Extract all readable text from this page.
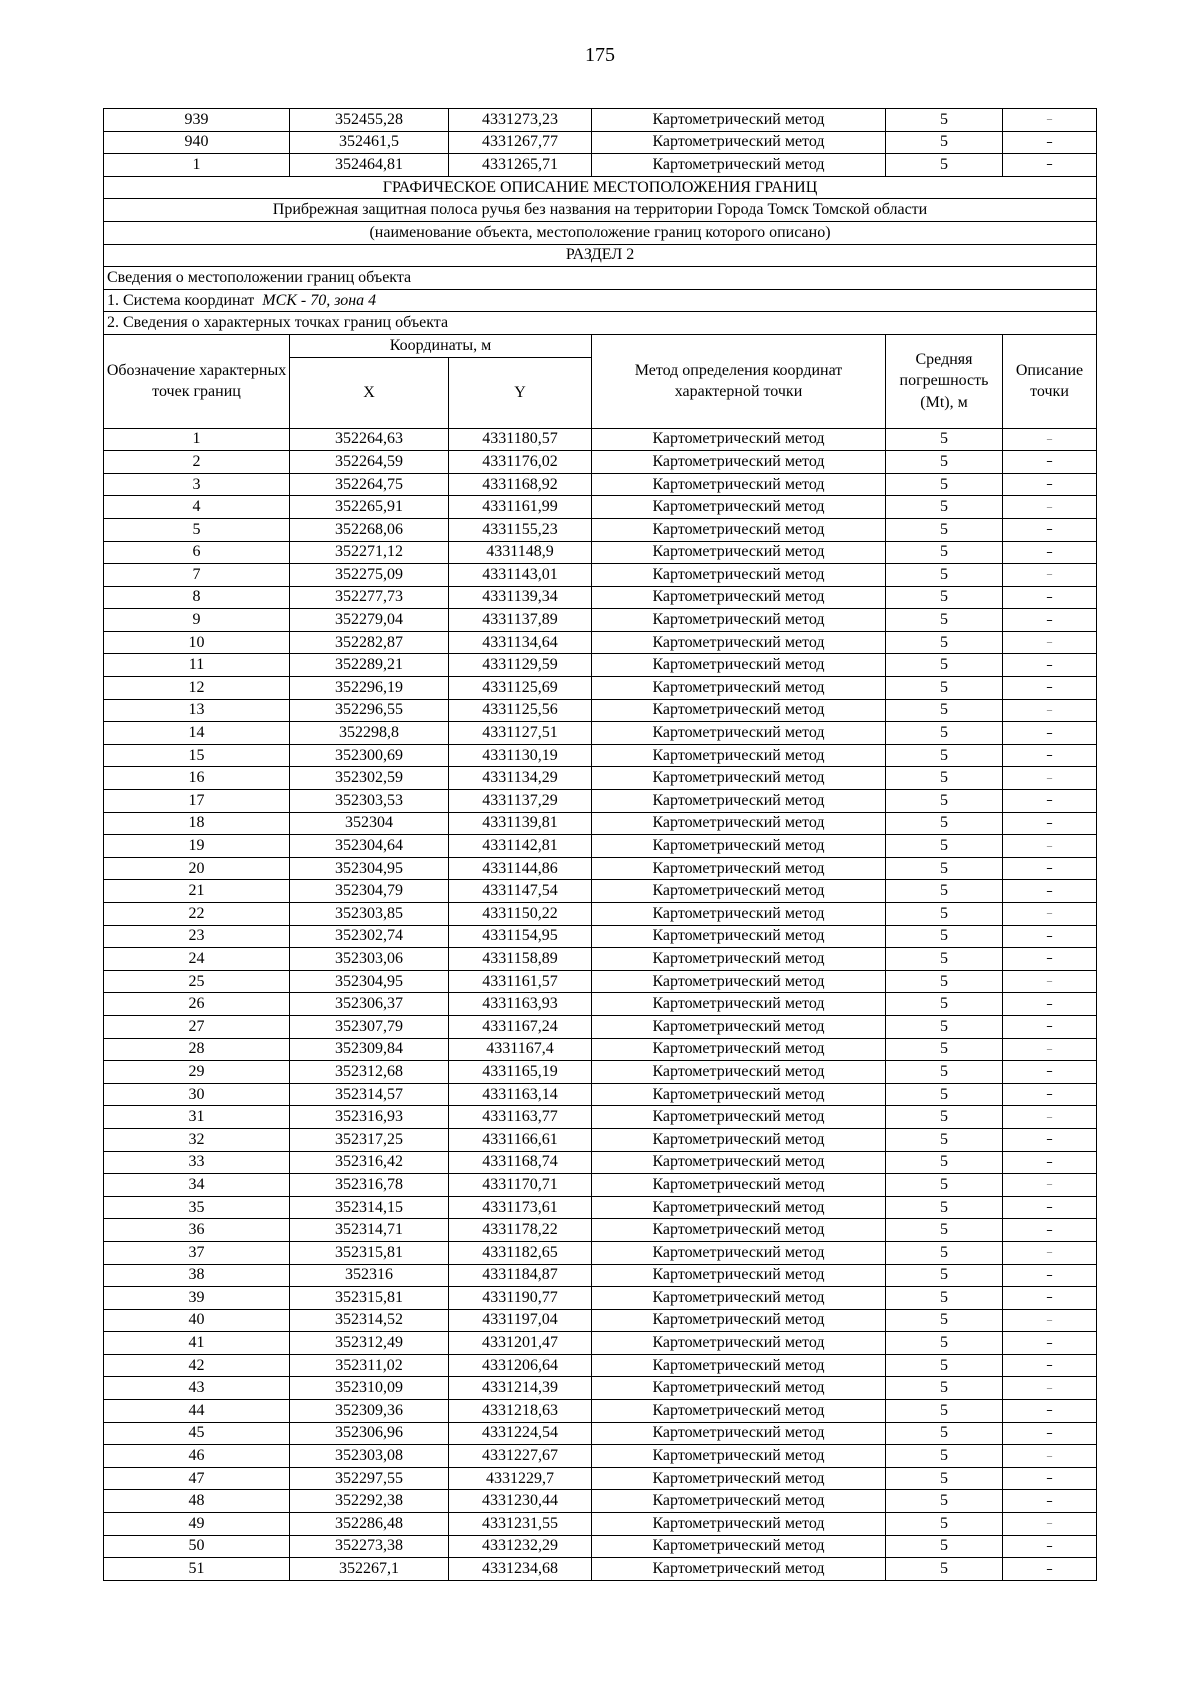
175
939	352455,28	4331273,23	Картометрический метод	5	–
940	352461,5	4331267,77	Картометрический метод	5	–
1	352464,81	4331265,71	Картометрический метод	5	–
ГРАФИЧЕСКОЕ ОПИСАНИЕ МЕСТОПОЛОЖЕНИЯ ГРАНИЦ					
Прибрежная защитная полоса ручья без названия на территории Города Томск Томской области					
(наименование объекта, местоположение границ которого описано)					
РАЗДЕЛ 2					
Сведения о местоположении границ объекта					
1. Система координат МСК - 70, зона 4					
2. Сведения о характерных точках границ объекта					
Обозначение характерных точек границ	Координаты, м		Метод определения координат характерной точки	Средняя погрешность (Mt), м	Описание точки
	X	Y			
1	352264,63	4331180,57	Картометрический метод	5	–
2	352264,59	4331176,02	Картометрический метод	5	–
3	352264,75	4331168,92	Картометрический метод	5	–
4	352265,91	4331161,99	Картометрический метод	5	–
5	352268,06	4331155,23	Картометрический метод	5	–
6	352271,12	4331148,9	Картометрический метод	5	–
7	352275,09	4331143,01	Картометрический метод	5	–
8	352277,73	4331139,34	Картометрический метод	5	–
9	352279,04	4331137,89	Картометрический метод	5	–
10	352282,87	4331134,64	Картометрический метод	5	–
11	352289,21	4331129,59	Картометрический метод	5	–
12	352296,19	4331125,69	Картометрический метод	5	–
13	352296,55	4331125,56	Картометрический метод	5	–
14	352298,8	4331127,51	Картометрический метод	5	–
15	352300,69	4331130,19	Картометрический метод	5	–
16	352302,59	4331134,29	Картометрический метод	5	–
17	352303,53	4331137,29	Картометрический метод	5	–
18	352304	4331139,81	Картометрический метод	5	–
19	352304,64	4331142,81	Картометрический метод	5	–
20	352304,95	4331144,86	Картометрический метод	5	–
21	352304,79	4331147,54	Картометрический метод	5	–
22	352303,85	4331150,22	Картометрический метод	5	–
23	352302,74	4331154,95	Картометрический метод	5	–
24	352303,06	4331158,89	Картометрический метод	5	–
25	352304,95	4331161,57	Картометрический метод	5	–
26	352306,37	4331163,93	Картометрический метод	5	–
27	352307,79	4331167,24	Картометрический метод	5	–
28	352309,84	4331167,4	Картометрический метод	5	–
29	352312,68	4331165,19	Картометрический метод	5	–
30	352314,57	4331163,14	Картометрический метод	5	–
31	352316,93	4331163,77	Картометрический метод	5	–
32	352317,25	4331166,61	Картометрический метод	5	–
33	352316,42	4331168,74	Картометрический метод	5	–
34	352316,78	4331170,71	Картометрический метод	5	–
35	352314,15	4331173,61	Картометрический метод	5	–
36	352314,71	4331178,22	Картометрический метод	5	–
37	352315,81	4331182,65	Картометрический метод	5	–
38	352316	4331184,87	Картометрический метод	5	–
39	352315,81	4331190,77	Картометрический метод	5	–
40	352314,52	4331197,04	Картометрический метод	5	–
41	352312,49	4331201,47	Картометрический метод	5	–
42	352311,02	4331206,64	Картометрический метод	5	–
43	352310,09	4331214,39	Картометрический метод	5	–
44	352309,36	4331218,63	Картометрический метод	5	–
45	352306,96	4331224,54	Картометрический метод	5	–
46	352303,08	4331227,67	Картометрический метод	5	–
47	352297,55	4331229,7	Картометрический метод	5	–
48	352292,38	4331230,44	Картометрический метод	5	–
49	352286,48	4331231,55	Картометрический метод	5	–
50	352273,38	4331232,29	Картометрический метод	5	–
51	352267,1	4331234,68	Картометрический метод	5	–
